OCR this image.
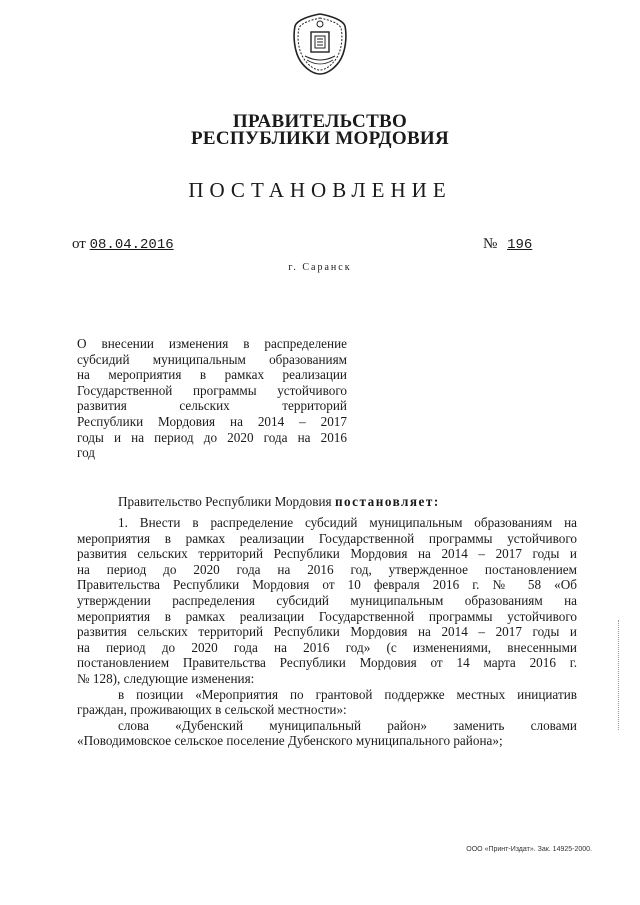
ПРАВИТЕЛЬСТВО
РЕСПУБЛИКИ МОРДОВИЯ
ПОСТАНОВЛЕНИЕ
от 08.04.2016	№ 196
г. Саранск
О внесении изменения в распределение
субсидий муниципальным образованиям
на мероприятия в рамках реализации
Государственной программы устойчивого
развития сельских территорий
Республики Мордовия на 2014 – 2017
годы и на период до 2020 года на 2016
год
Правительство Республики Мордовия постановляет:
1. Внести в распределение субсидий муниципальным образованиям на
мероприятия в рамках реализации Государственной программы устойчивого
развития сельских территорий Республики Мордовия на 2014 – 2017 годы и
на период до 2020 года на 2016 год, утвержденное постановлением
Правительства Республики Мордовия от 10 февраля 2016 г. № 58 «Об
утверждении распределения субсидий муниципальным образованиям на
мероприятия в рамках реализации Государственной программы устойчивого
развития сельских территорий Республики Мордовия на 2014 – 2017 годы и
на период до 2020 года на 2016 год» (с изменениями, внесенными
постановлением Правительства Республики Мордовия от 14 марта 2016 г.
№ 128), следующие изменения:
в позиции «Мероприятия по грантовой поддержке местных инициатив
граждан, проживающих в сельской местности»:
слова «Дубенский муниципальный район» заменить словами
«Поводимовское сельское поселение Дубенского муниципального района»;
ООО «Принт-Издат». Зак. 14925-2000.
